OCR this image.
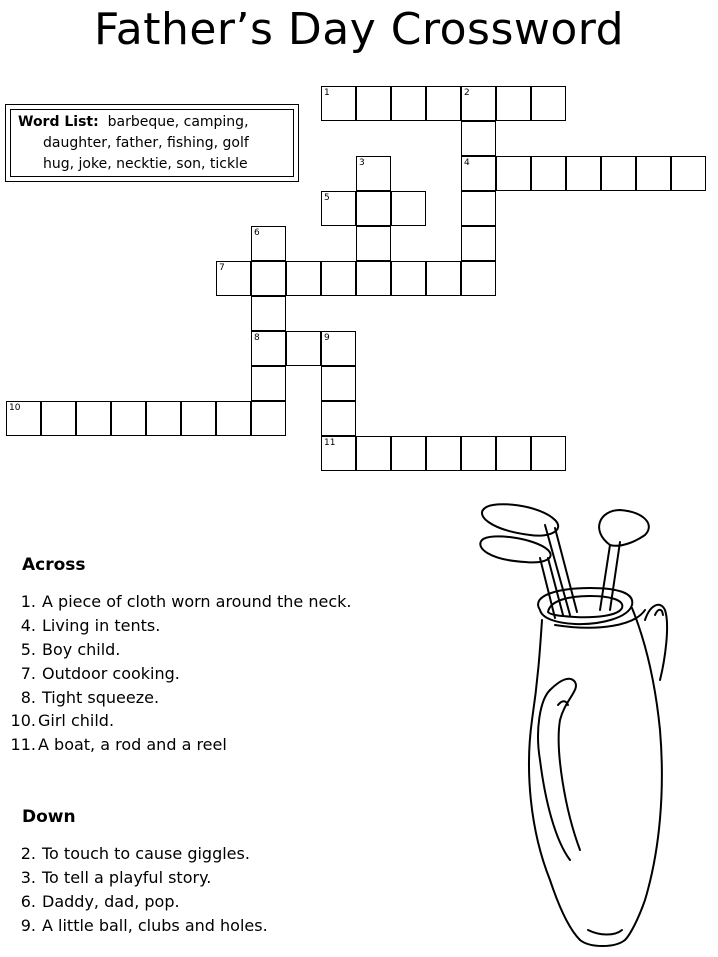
Father’s Day Crossword
Word List: barbeque, camping,
daughter, father, fishing, golf
hug, joke, necktie, son, tickle
1	2
3	4
5
6
7
8	9
10
11
Across
1. A piece of cloth worn around the neck.
4. Living in tents.
5. Boy child.
7. Outdoor cooking.
8. Tight squeeze.
10. Girl child.
11. A boat, a rod and a reel
Down
2. To touch to cause giggles.
3. To tell a playful story.
6. Daddy, dad, pop.
9. A little ball, clubs and holes.
